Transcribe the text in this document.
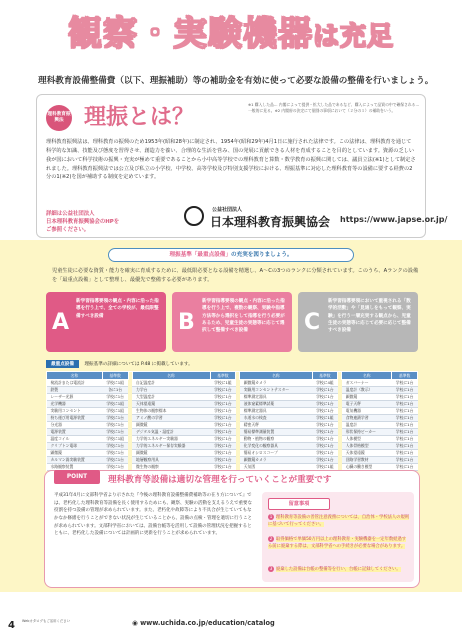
観察・実験機器は充足
理科教育設備整備費（以下、理振補助）等の補助金を有効に使って必要な設備の整備を行いましょう。
理科教育振興法 理振とは？
※1 購入した品… 内閣によって提供・拡大した品であるなど、購入によって品質の中で確保される…一般的に見る。※2 内閣府の決定にて個別の事項において（２分の１）の補助をいう。
理科教育振興法は、理科教育の振興のため1953年(昭和28年)に制定され、1954年(昭和29年)4月1日に施行された法律です。この法律は、理科教育を通じて科学的な知識、技能及び態度を習得させ、創造力を養い、合理的な生活を営み、国の発展に貢献できる人材を育成することを目的としています。資源の乏しい我が国において科学技術の振興・充実が極めて重要であることから小中高等学校での理科教育と算数・数学教育の振興に関しては、議員立法(※1)として制定されました。理科教育振興法では公立及び私立の小学校、中学校、高等学校及び特別支援学校における、理振基準に対応した理科教育等の設備に要する経費の2分の1(※2)を国が補助する制度を定めています。
詳細は公益社団法人
日本理科教育振興協会のHPを
ご参照ください。
公益社団法人
日本理科教育振興協会 https://www.japse.or.jp/
理振基準「最重点設備」の充実を図りましょう。
児童生徒に必要な資質・能力を確実に育成するために、最低限必要となる設備を精選し、A〜Cの3つのランクに分類されています。このうち、Aランクの設備を「最重点設備」として整理し、最優先で整備する必要があります。
A
新学習指導要領の観点・内容に沿った指導を行う上で、全ての学校が、最低限整備すべき設備	B
新学習指導要領の観点・内容に沿った指導を行う上で、複数の観察、実験や指導方法等から選択をして指導を行う必要があるため、児童生徒の実態等に応じて選択して整備すべき設備	C
新学習指導要領において重視される「数学的活動」や「見通しをもって観察、実験」を行う一層充実する観点から、児童生徒の実態等に応じて必要に応じて整備すべき設備
最重点設備 理振基準の詳細については P.48 に掲載しています。
名称	基準数		名称	基準数		名称	基準数		名称	基準数
検流計または電流計	学校に1組		自記温度計	学校に1組		顕微鏡カメラ	学校に4組		ガスバーナー	学校に1台
鉄製	各に1台		力学台	学校に1台		実験用コンセントテスター	学校に1台		温度計（教示）	学校に1台
レーザー光源	学校に1台		大型温度計	学校に1台		標準測定器具	学校に1台		顕微鏡	学校に1台
光学機器	学校に1組		天体望遠鏡	学校に1台		液体窒素標準試薬	学校に1台		電子天秤	学校に1台
実験用コンセント	学校に1組		生物体の観察標本	学校に1台		標準測定器具	学校に1台		電気機器	学校に1台
持ち運び用電源装置	学校に1台		アミノ酸の学習	学校に1台		水道水の検査	学校に1組		食物連鎖学習	学校に1台
分光器	学校に1台		顕微鏡	学校に1台		精密天秤	学校に1台		温度計	学校に1台
電源装置	学校に1台		デジタル気温・湿度計	学校に1台		簡易標準測量装置	学校に1台		形状保持ビーカー	学校に1台
温度コイル	学校に1組		力学的エネルギー実験器	学校に1台		動物・植物の観察	学校に1台		人体模型	学校に1台
クリプトン電球	学校に1台		力学的エネルギー保存実験器	学校に1台		化学変化の観察器具	学校に1台		人体骨格模型	学校に1台
顕微鏡	学校に1台		顕微鏡	学校に1台		簡易オシロスコープ	学校に1台		天体望遠鏡	学校に1台
カルマン渦実験装置	学校に1台		地層観察用具	学校に1台		顕微鏡カメラ	学校に1台		回路学習教材	学校に1台
水路観察装置	学校に1台		微生物の観察	学校に1台		天気図	学校に1組		心臓の働き模型	学校に1台
POINT	理科教育等設備は適切な管理を行っていくことが重要です
平成31年4月に文部科学省より示された『今後の理科教育設備整備費補助等の在り方について』では、老朽化した理科教育等設備を長く使用するためにも、観察、実験の活動を支えるうえで重要な役割を持つ設備の管理が求められています。また、老朽化や故障等により不具合が生じていてもなかなか修繕を行うことができない状況が生じていることから、設備の点検・管理を適切に行うことが求められています。文部科学省においては、設備台帳等を活用して設備の管理状況を把握するとともに、老朽化した設備については計画的に更新を行うことが求められています。
留意事項
1 理科教育等設備の善管注意義務については、自治体・学校法人の規則に基づいて行ってください。
2 取得価格で単価50万円以上の理科教育・実験機器を一定年数経過する前に廃棄する際は、文部科学省への手続きが必要な場合があります。
3 廃棄した設備は台帳の整備等を行い、台帳に記録してください。
4 Webカタログもご活用ください	◉ www.uchida.co.jp/education/catalog
